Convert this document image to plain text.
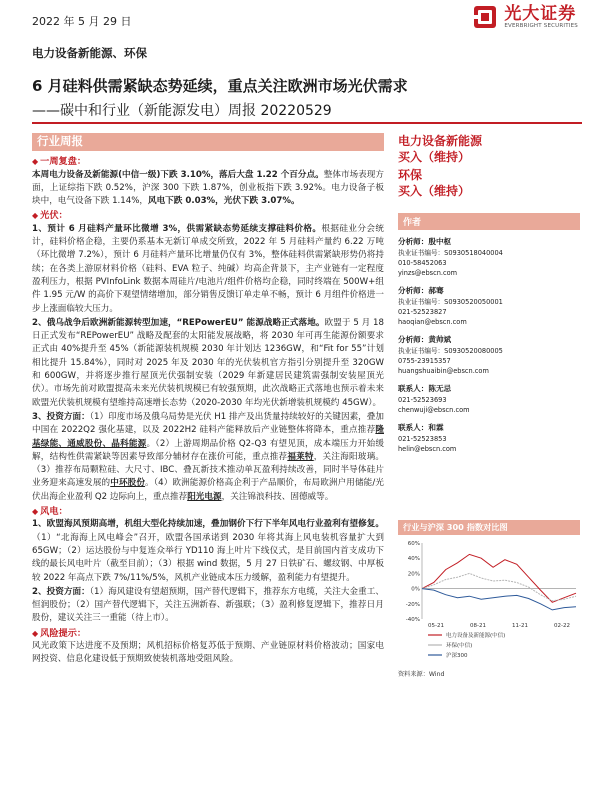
2022 年 5 月 29 日	光大证券
EVERBRIGHT SECURITIES
电力设备新能源、环保
6 月硅料供需紧缺态势延续，重点关注欧洲市场光伏需求
——碳中和行业（新能源发电）周报 20220529
行业周报
◆ 一周复盘：

本周电力设备及新能源(中信一级)下跌 3.10%，落后大盘 1.22 个百分点。整体市场表现方面，上证综指下跌 0.52%，沪深 300 下跌 1.87%，创业板指下跌 3.92%。电力设备子板块中，电气设备下跌 1.14%，风电下跌 0.03%，光伏下跌 3.07%。

◆ 光伏：

1、预计 6 月硅料产量环比微增 3%，供需紧缺态势延续支撑硅料价格。根据硅业分会统计，硅料价格企稳，主要仍系基本无新订单成交所致，2022 年 5 月硅料产量约 6.22 万吨（环比微增 7.2%），预计 6 月硅料产量环比增量仍仅有 3%，整体硅料供需紧缺形势仍将持续；在各类上游原材料价格（硅料、EVA 粒子、纯碱）均高企背景下，主产业链有一定程度盈利压力，根据 PVInfoLink 数据本周硅片/电池片/组件价格均企稳，同时终端在 500W+组件 1.95 元/W 的高价下观望情绪增加，部分销售反馈订单走单不畅，预计 6 月组件价格进一步上涨面临较大压力。

2、俄乌战争后欧洲新能源转型加速，“REPowerEU” 能源战略正式落地。欧盟于 5 月 18 日正式发布“REPowerEU” 战略及配套的太阳能发展战略，将 2030 年可再生能源份额要求正式由 40%提升至 45%（新能源装机规模 2030 年计划达 1236GW，和“Fit for 55”计划相比提升 15.84%），同时对 2025 年及 2030 年的光伏装机官方指引分别提升至 320GW 和 600GW，并将逐步推行屋顶光伏强制安装（2029 年新建居民建筑需强制安装屋顶光伏）。市场先前对欧盟提高未来光伏装机规模已有较强预期，此次战略正式落地也预示着未来欧盟光伏装机规模有望维持高速增长态势（2020-2030 年均光伏新增装机规模约 45GW）。

3、投资方面：（1）印度市场及俄乌局势是光伏 H1 排产及出货量持续较好的关键因素，叠加中国在 2022Q2 强化基建，以及 2022H2 硅料产能释放后产业链整体将降本，重点推荐隆基绿能、通威股份、晶科能源。（2）上游周期品价格 Q2-Q3 有望见顶，成本端压力开始缓解，结构性供需紧缺等因素导致部分辅材存在涨价可能，重点推荐福莱特，关注海阳玻璃。（3）推荐布局颗粒硅、大尺寸、IBC、叠瓦新技术推动单瓦盈利持续改善，同时半导体硅片业务迎来高速发展的中环股份。（4）欧洲能源价格高企利于产品顺价，布局欧洲户用储能/光伏出海企业盈利 Q2 边际向上，重点推荐阳光电源，关注锦浪科技、固德威等。

◆ 风电：

1、欧盟海风预期高增，机组大型化持续加速，叠加钢价下行下半年风电行业盈利有望修复。（1）“北海海上风电峰会”召开，欧盟各国承诺到 2030 年将其海上风电装机容量扩大到 65GW；（2）运达股份与中复连众举行 YD110 海上叶片下线仪式，是目前国内首支成功下线的最长风电叶片（截至目前）；（3）根据 wind 数据，5 月 27 日铁矿石、螺纹钢、中厚板较 2022 年高点下跌 7%/11%/5%，风机产业链成本压力缓解，盈利能力有望提升。

2、投资方面：（1）海风建设有望超预期，国产替代逻辑下，推荐东方电缆，关注大金重工、恒润股份；（2）国产替代逻辑下，关注五洲新春、新强联；（3）盈利修复逻辑下，推荐日月股份，建议关注三一重能（待上市）。

◆ 风险提示：

风光政策下达进度不及预期；风机招标价格复苏低于预期、产业链原材料价格波动；国家电网投资、信息化建设低于预期致使装机落地受阻风险。

电力设备新能源
买入（维持）
环保
买入（维持）
作者
分析师：殷中枢
执业证书编号：S0930518040004
010-58452063
yinzs@ebscn.com
分析师：郝骞
执业证书编号：S0930520050001
021-52523827
haoqian@ebscn.com
分析师：黄帅斌
执业证书编号：S0930520080005
0755-23915357
huangshuaibin@ebscn.com
联系人：陈无忌
021-52523693
chenwuji@ebscn.com
联系人：和霖
021-52523853
helin@ebscn.com
行业与沪深 300 指数对比图
60%
40%
20%
0%
-20%
-40%
05-21	08-21	11-21	02-22
电力设备及新能源(中信)
环保(中信)
沪深300
资料来源：Wind
